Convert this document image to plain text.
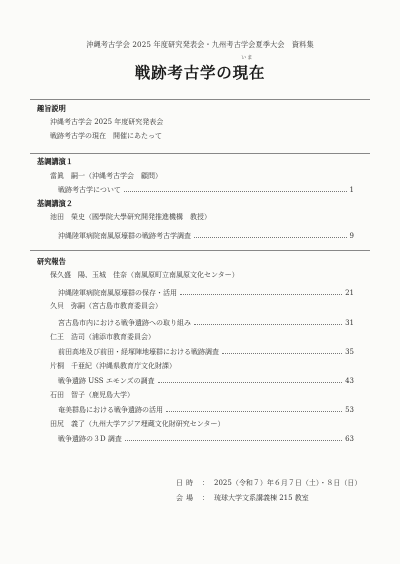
沖縄考古学会 2025 年度研究発表会・九州考古学会夏季大会　資料集
戦跡考古学の現在
いま
趣旨説明
沖縄考古学会 2025 年度研究発表会
戦跡考古学の現在　開催にあたって
基調講演１
當眞　嗣一（沖縄考古学会　顧問）
戦跡考古学について	1
基調講演２
池田　榮史（國學院大學研究開発推進機構　教授）
沖縄陸軍病院南風原壕群の戦跡考古学調査	9
研究報告
保久盛　陽、玉城　佳奈（南風原町立南風原文化センター）
沖縄陸軍病院南風原壕群の保存・活用	21
久貝　弥嗣（宮古島市教育委員会）
宮古島市内における戦争遺跡への取り組み	31
仁王　浩司（浦添市教育委員会）
前田高地及び前田・経塚陣地壕群における戦跡調査	35
片桐　千亜紀（沖縄県教育庁文化財課）
戦争遺跡 USS エモンズの調査	43
石田　智子（鹿児島大学）
奄美群島における戦争遺跡の活用	53
田尻　義了（九州大学アジア埋蔵文化財研究センター）
戦争遺跡の３D 調査	63
日時 ： 2025（令和７）年６月７日（土）・８日（日）
会場 ： 琉球大学文系講義棟 215 教室
